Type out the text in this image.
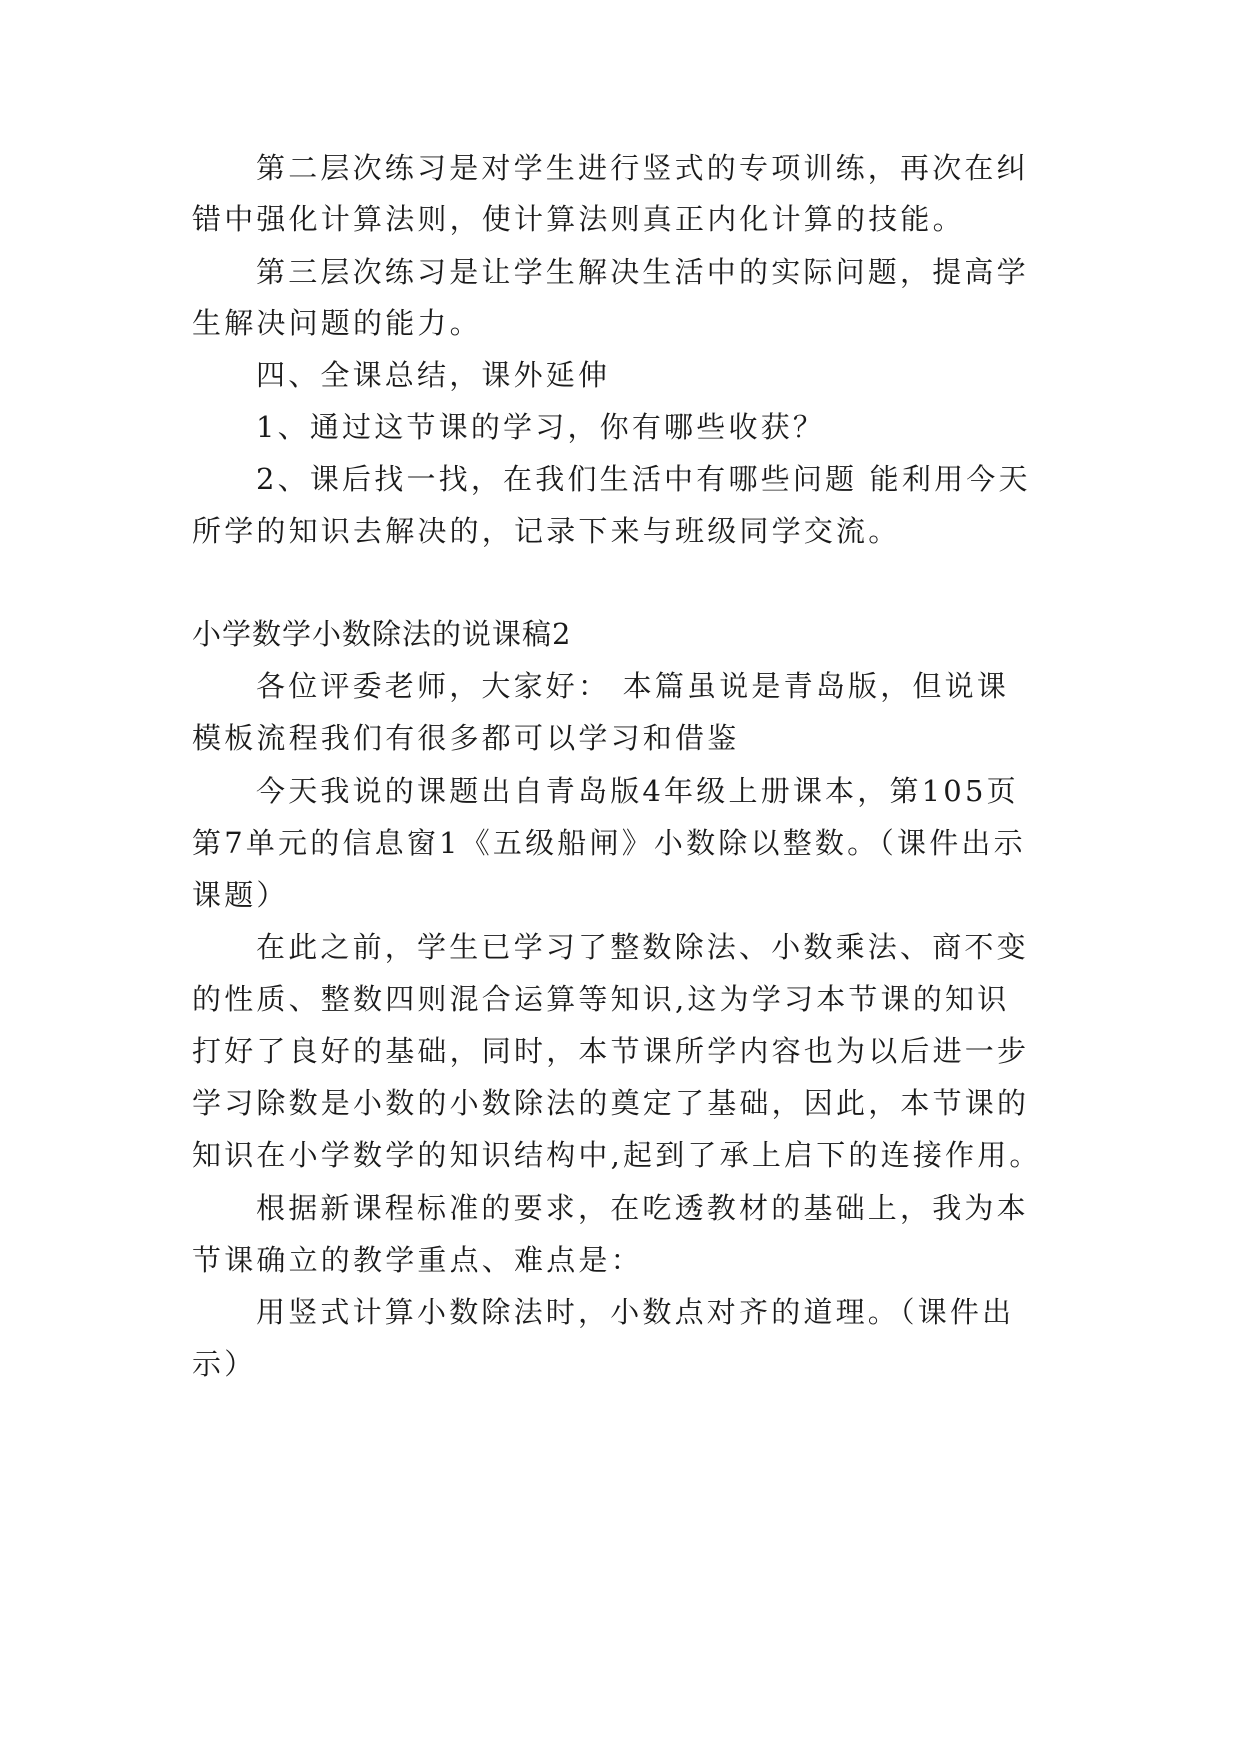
第二层次练习是对学生进行竖式的专项训练，再次在纠
错中强化计算法则，使计算法则真正内化计算的技能。
第三层次练习是让学生解决生活中的实际问题，提高学
生解决问题的能力。
四、全课总结，课外延伸
1、通过这节课的学习，你有哪些收获？
2、课后找一找，在我们生活中有哪些问题 能利用今天
所学的知识去解决的，记录下来与班级同学交流。
小学数学小数除法的说课稿2
各位评委老师，大家好： 本篇虽说是青岛版，但说课
模板流程我们有很多都可以学习和借鉴
今天我说的课题出自青岛版4年级上册课本，第105页
第7单元的信息窗1《五级船闸》小数除以整数。（课件出示
课题）
在此之前，学生已学习了整数除法、小数乘法、商不变
的性质、整数四则混合运算等知识,这为学习本节课的知识
打好了良好的基础，同时，本节课所学内容也为以后进一步
学习除数是小数的小数除法的奠定了基础，因此，本节课的
知识在小学数学的知识结构中,起到了承上启下的连接作用。
根据新课程标准的要求，在吃透教材的基础上，我为本
节课确立的教学重点、难点是：
用竖式计算小数除法时，小数点对齐的道理。（课件出
示）
